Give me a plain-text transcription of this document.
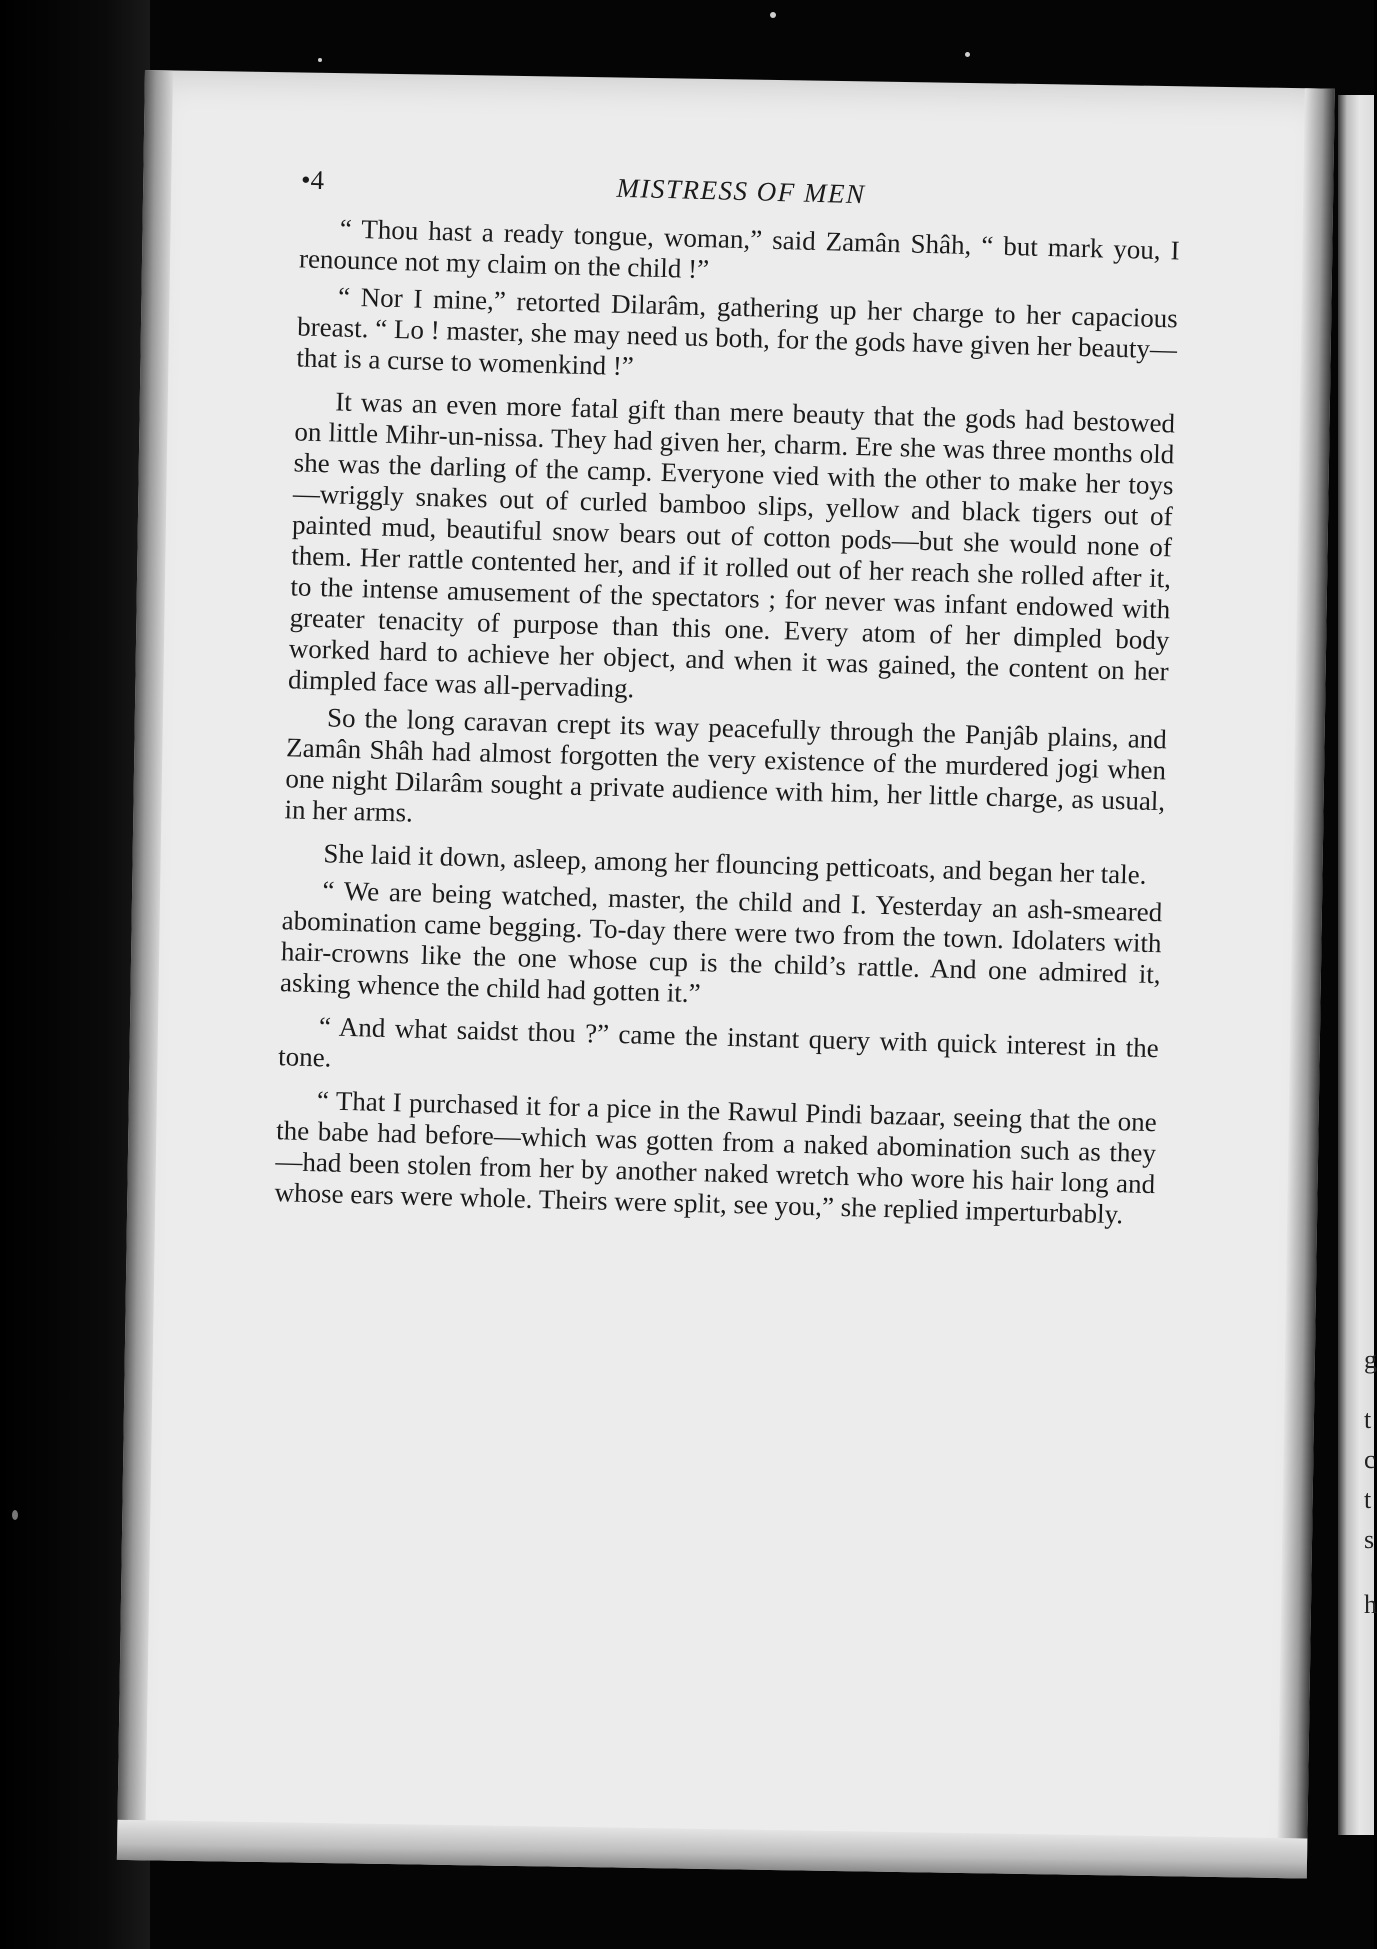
•4	MISTRESS OF MEN

“ Thou hast a ready tongue, woman,” said Zamân Shâh, “ but mark you, I renounce not my claim on the child !”

“ Nor I mine,” retorted Dilarâm, gathering up her charge to her capacious breast. “ Lo ! master, she may need us both, for the gods have given her beauty—that is a curse to womenkind !”

It was an even more fatal gift than mere beauty that the gods had bestowed on little Mihr-un-nissa. They had given her, charm. Ere she was three months old she was the darling of the camp. Everyone vied with the other to make her toys—wriggly snakes out of curled bamboo slips, yellow and black tigers out of painted mud, beautiful snow bears out of cotton pods—but she would none of them. Her rattle contented her, and if it rolled out of her reach she rolled after it, to the intense amusement of the spectators ; for never was infant endowed with greater tenacity of purpose than this one. Every atom of her dimpled body worked hard to achieve her object, and when it was gained, the content on her dimpled face was all-pervading.

So the long caravan crept its way peacefully through the Panjâb plains, and Zamân Shâh had almost forgotten the very existence of the murdered jogi when one night Dilarâm sought a private audience with him, her little charge, as usual, in her arms.

She laid it down, asleep, among her flouncing petticoats, and began her tale.

“ We are being watched, master, the child and I. Yesterday an ash-smeared abomination came begging. To-day there were two from the town. Idolaters with hair-crowns like the one whose cup is the child’s rattle. And one admired it, asking whence the child had gotten it.”

“ And what saidst thou ?” came the instant query with quick interest in the tone.

“ That I purchased it for a pice in the Rawul Pindi bazaar, seeing that the one the babe had before—which was gotten from a naked abomination such as they—had been stolen from her by another naked wretch who wore his hair long and whose ears were whole. Theirs were split, see you,” she replied imperturbably.

g
t
c
t
s
h
